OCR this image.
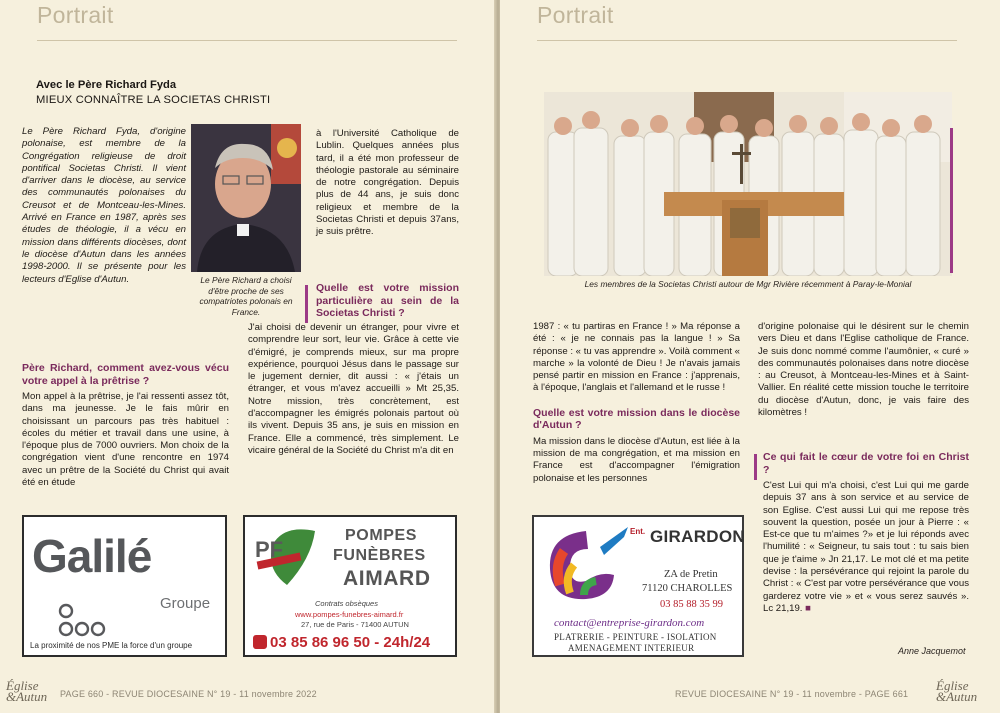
Portrait
Avec le Père Richard Fyda
MIEUX CONNAÎTRE LA SOCIETAS CHRISTI

Le Père Richard Fyda, d'origine polonaise, est membre de la Congrégation religieuse de droit pontifical Societas Christi. Il vient d'arriver dans le diocèse, au service des communautés polonaises du Creusot et de Montceau-les-Mines. Arrivé en France en 1987, après ses études de théologie, il a vécu en mission dans différents diocèses, dont le diocèse d'Autun dans les années 1998-2000. Il se présente pour les lecteurs d'Eglise d'Autun.	Le Père Richard a choisi d'être proche de ses compatriotes polonais en France.
Père Richard, comment avez-vous vécu votre appel à la prêtrise ?

Mon appel à la prêtrise, je l'ai ressenti assez tôt, dans ma jeunesse. Je le fais mûrir en choisissant un parcours pas très habituel : écoles du métier et travail dans une usine, à l'époque plus de 7000 ouvriers. Mon choix de la congrégation vient d'une rencontre en 1974 avec un prêtre de la Société du Christ qui avait été en étude

à l'Université Catholique de Lublin. Quelques années plus tard, il a été mon professeur de théologie pastorale au séminaire de notre congrégation. Depuis plus de 44 ans, je suis donc religieux et membre de la Societas Christi et depuis 37ans, je suis prêtre.

Quelle est votre mission particulière au sein de la Societas Christi ?

J'ai choisi de devenir un étranger, pour vivre et comprendre leur sort, leur vie. Grâce à cette vie d'émigré, je comprends mieux, sur ma propre expérience, pourquoi Jésus dans le passage sur le jugement dernier, dit aussi : « j'étais un étranger, et vous m'avez accueilli » Mt 25,35. Notre mission, très concrètement, est d'accompagner les émigrés polonais partout où ils vivent. Depuis 35 ans, je suis en mission en France. Elle a commencé, très simplement. Le vicaire général de la Société du Christ m'a dit en

Galilé
Groupe
La proximité de nos PME la force d'un groupe
PF
POMPES
FUNÈBRES
AIMARD
Contrats obsèques
www.pompes-funebres-aimard.fr
27, rue de Paris - 71400 AUTUN
03 85 86 96 50 - 24h/24
Église
&Autun PAGE 660 - REVUE DIOCESAINE N° 19 - 11 novembre 2022
Portrait
Les membres de la Societas Christi autour de Mgr Rivière récemment à Paray-le-Monial

1987 : « tu partiras en France ! » Ma réponse a été : « je ne connais pas la langue ! » Sa réponse : « tu vas apprendre ». Voilà comment « marche » la volonté de Dieu ! Je n'avais jamais pensé partir en mission en France : j'apprenais, à l'époque, l'anglais et l'allemand et le russe !

Quelle est votre mission dans le diocèse d'Autun ?

Ma mission dans le diocèse d'Autun, est liée à la mission de ma congrégation, et ma mission en France est d'accompagner l'émigration polonaise et les personnes

d'origine polonaise qui le désirent sur le chemin vers Dieu et dans l'Eglise catholique de France. Je suis donc nommé comme l'aumônier, « curé » des communautés polonaises dans notre diocèse : au Creusot, à Montceau-les-Mines et à Saint-Vallier. En réalité cette mission touche le territoire du diocèse d'Autun, donc, je vais faire des kilomètres !

Ce qui fait le cœur de votre foi en Christ ?

C'est Lui qui m'a choisi, c'est Lui qui me garde depuis 37 ans à son service et au service de son Eglise. C'est aussi Lui qui me repose très souvent la question, posée un jour à Pierre : « Est-ce que tu m'aimes ?» et je lui réponds avec l'humilité : « Seigneur, tu sais tout : tu sais bien que je t'aime » Jn 21,17. Le mot clé et ma petite devise : la persévérance qui rejoint la parole du Christ : « C'est par votre persévérance que vous garderez votre vie » et « vous serez sauvés ». Lc 21,19. ■

Anne Jacquemot
Ent. GIRARDON
ZA de Pretin
71120 CHAROLLES
03 85 88 35 99
contact@entreprise-girardon.com
PLATRERIE - PEINTURE - ISOLATION
AMENAGEMENT INTERIEUR
REVUE DIOCESAINE N° 19 - 11 novembre - PAGE 661
Église
&Autun
